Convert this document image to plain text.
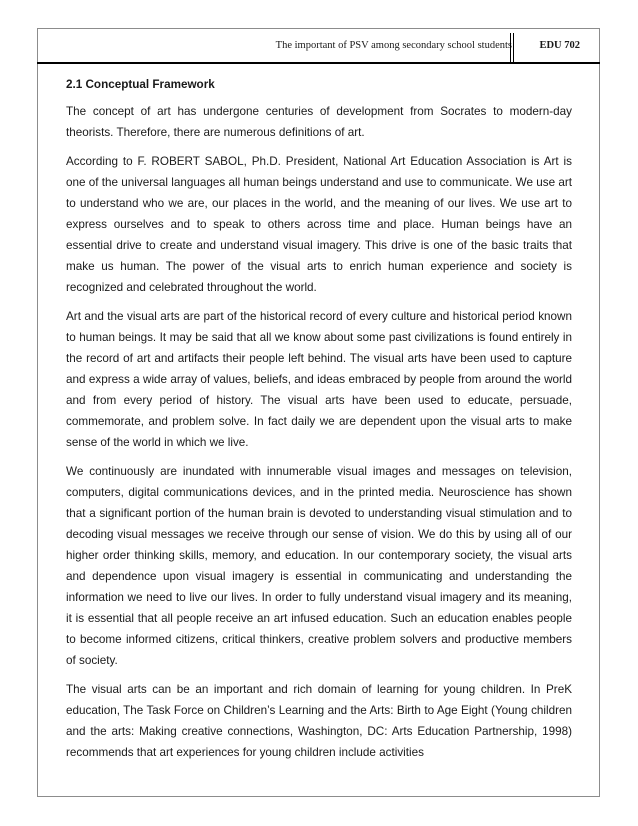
The important of PSV among secondary school students	EDU 702
2.1 Conceptual Framework

The concept of art has undergone centuries of development from Socrates to modern-day theorists. Therefore, there are numerous definitions of art.

According to F. ROBERT SABOL, Ph.D. President, National Art Education Association is Art is one of the universal languages all human beings understand and use to communicate. We use art to understand who we are, our places in the world, and the meaning of our lives. We use art to express ourselves and to speak to others across time and place. Human beings have an essential drive to create and understand visual imagery. This drive is one of the basic traits that make us human. The power of the visual arts to enrich human experience and society is recognized and celebrated throughout the world.

Art and the visual arts are part of the historical record of every culture and historical period known to human beings. It may be said that all we know about some past civilizations is found entirely in the record of art and artifacts their people left behind. The visual arts have been used to capture and express a wide array of values, beliefs, and ideas embraced by people from around the world and from every period of history. The visual arts have been used to educate, persuade, commemorate, and problem solve. In fact daily we are dependent upon the visual arts to make sense of the world in which we live.

We continuously are inundated with innumerable visual images and messages on television, computers, digital communications devices, and in the printed media. Neuroscience has shown that a significant portion of the human brain is devoted to understanding visual stimulation and to decoding visual messages we receive through our sense of vision. We do this by using all of our higher order thinking skills, memory, and education. In our contemporary society, the visual arts and dependence upon visual imagery is essential in communicating and understanding the information we need to live our lives. In order to fully understand visual imagery and its meaning, it is essential that all people receive an art infused education. Such an education enables people to become informed citizens, critical thinkers, creative problem solvers and productive members of society.

The visual arts can be an important and rich domain of learning for young children. In PreK education, The Task Force on Children’s Learning and the Arts: Birth to Age Eight (Young children and the arts: Making creative connections, Washington, DC: Arts Education Partnership, 1998) recommends that art experiences for young children include activities
